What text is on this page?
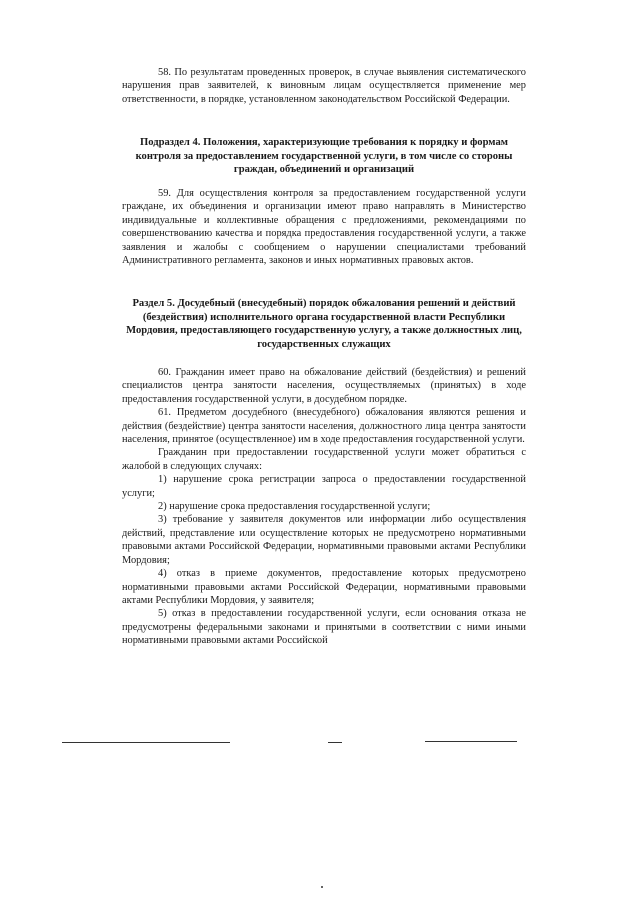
58. По результатам проведенных проверок, в случае выявления систематического нарушения прав заявителей, к виновным лицам осуществляется применение мер ответственности, в порядке, установленном законодательством Российской Федерации.

Подраздел 4. Положения, характеризующие требования к порядку и формам контроля за предоставлением государственной услуги, в том числе со стороны граждан, объединений и организаций

59. Для осуществления контроля за предоставлением государственной услуги граждане, их объединения и организации имеют право направлять в Министерство индивидуальные и коллективные обращения с предложениями, рекомендациями по совершенствованию качества и порядка предоставления государственной услуги, а также заявления и жалобы с сообщением о нарушении специалистами требований Административного регламента, законов и иных нормативных правовых актов.

Раздел 5. Досудебный (внесудебный) порядок обжалования решений и действий (бездействия) исполнительного органа государственной власти Республики Мордовия, предоставляющего государственную услугу, а также должностных лиц, государственных служащих

60. Гражданин имеет право на обжалование действий (бездействия) и решений специалистов центра занятости населения, осуществляемых (принятых) в ходе предоставления государственной услуги, в досудебном порядке.

61. Предметом досудебного (внесудебного) обжалования являются решения и действия (бездействие) центра занятости населения, должностного лица центра занятости населения, принятое (осуществленное) им в ходе предоставления государственной услуги.

Гражданин при предоставлении государственной услуги может обратиться с жалобой в следующих случаях:

1) нарушение срока регистрации запроса о предоставлении государственной услуги;

2) нарушение срока предоставления государственной услуги;

3) требование у заявителя документов или информации либо осуществления действий, представление или осуществление которых не предусмотрено нормативными правовыми актами Российской Федерации, нормативными правовыми актами Республики Мордовия;

4) отказ в приеме документов, предоставление которых предусмотрено нормативными правовыми актами Российской Федерации, нормативными правовыми актами Республики Мордовия, у заявителя;

5) отказ в предоставлении государственной услуги, если основания отказа не предусмотрены федеральными законами и принятыми в соответствии с ними иными нормативными правовыми актами Российской
